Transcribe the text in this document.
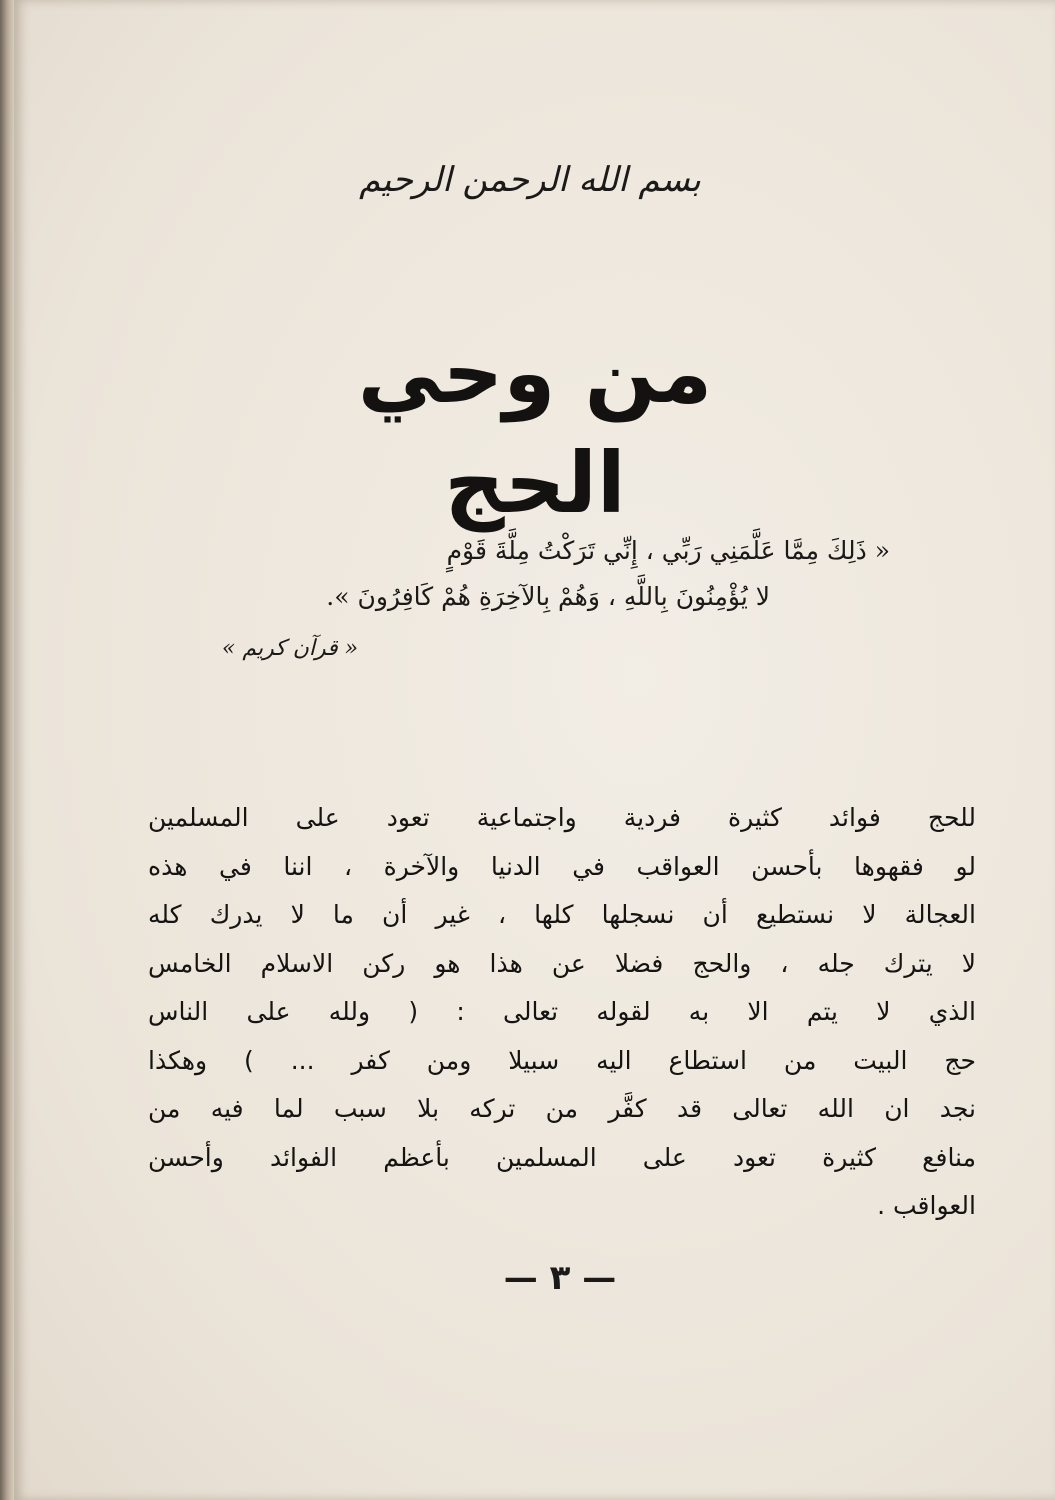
بسم الله الرحمن الرحيم
من وحي الحج
« ذَلِكَ مِمَّا عَلَّمَنِي رَبِّي ، إِنِّي تَرَكْتُ مِلَّةَ قَوْمٍ
لا يُؤْمِنُونَ بِاللَّهِ ، وَهُمْ بِالآخِرَةِ هُمْ كَافِرُونَ ».
« قرآن كريم »
للحج فوائد كثيرة فردية واجتماعية تعود على المسلمين
لو فقهوها بأحسن العواقب في الدنيا والآخرة ، اننا في هذه
العجالة لا نستطيع أن نسجلها كلها ، غير أن ما لا يدرك كله
لا يترك جله ، والحج فضلا عن هذا هو ركن الاسلام الخامس
الذي لا يتم الا به لقوله تعالى : ( ولله على الناس
حج البيت من استطاع اليه سبيلا ومن كفر ... ) وهكذا
نجد ان الله تعالى قد كفَّر من تركه بلا سبب لما فيه من
منافع كثيرة تعود على المسلمين بأعظم الفوائد وأحسن
العواقب .
— ٣ —
